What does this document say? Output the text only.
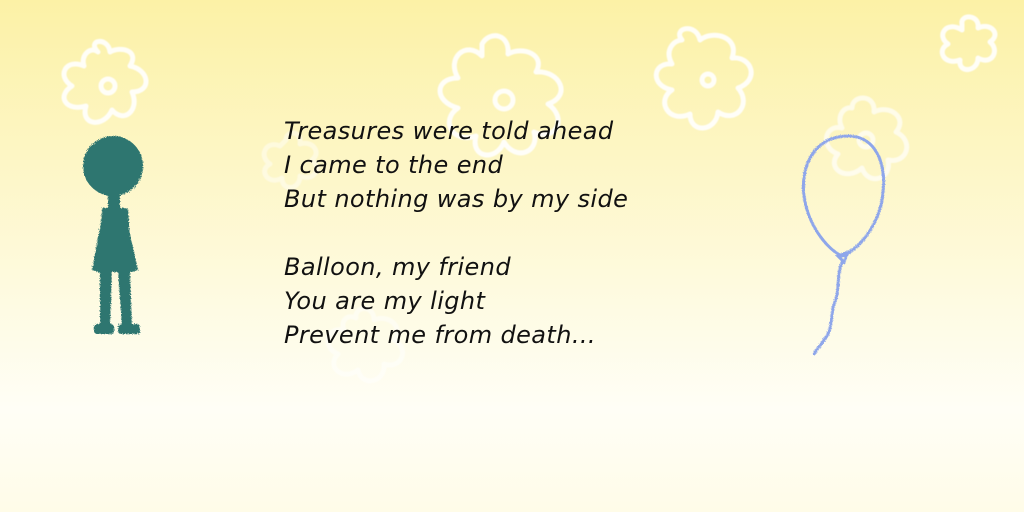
Treasures were told ahead
I came to the end
But nothing was by my side
Balloon, my friend
You are my light
Prevent me from death...
